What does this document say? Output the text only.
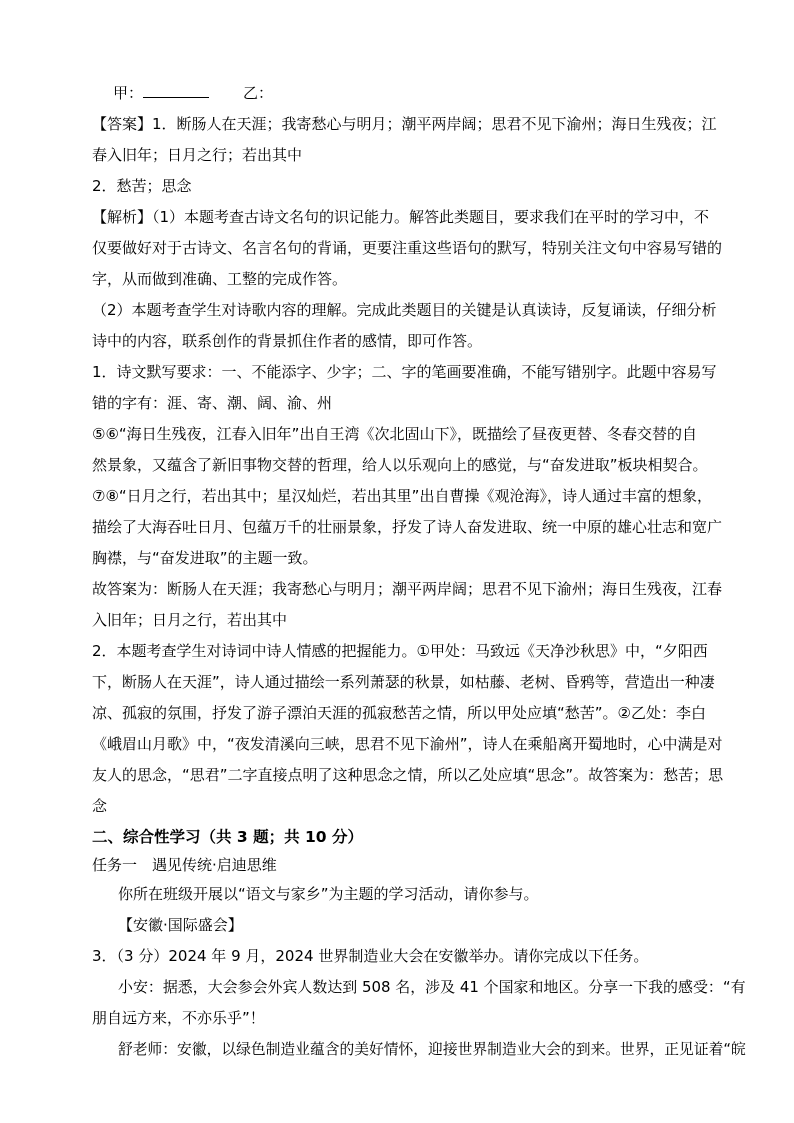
甲：	乙：
【答案】1．断肠人在天涯；我寄愁心与明月；潮平两岸阔；思君不见下渝州；海日生残夜；江
春入旧年；日月之行；若出其中
2．愁苦；思念
【解析】（1）本题考查古诗文名句的识记能力。解答此类题目，要求我们在平时的学习中，不
仅要做好对于古诗文、名言名句的背诵，更要注重这些语句的默写，特别关注文句中容易写错的
字，从而做到准确、工整的完成作答。
（2）本题考查学生对诗歌内容的理解。完成此类题目的关键是认真读诗，反复诵读，仔细分析
诗中的内容，联系创作的背景抓住作者的感情，即可作答。
1．诗文默写要求：一、不能添字、少字；二、字的笔画要准确，不能写错别字。此题中容易写
错的字有：涯、寄、潮、阔、渝、州
⑤⑥“海日生残夜，江春入旧年”出自王湾《次北固山下》，既描绘了昼夜更替、冬春交替的自
然景象，又蕴含了新旧事物交替的哲理，给人以乐观向上的感觉，与“奋发进取”板块相契合。
⑦⑧“日月之行，若出其中；星汉灿烂，若出其里”出自曹操《观沧海》，诗人通过丰富的想象，
描绘了大海吞吐日月、包蕴万千的壮丽景象，抒发了诗人奋发进取、统一中原的雄心壮志和宽广
胸襟，与“奋发进取”的主题一致。
故答案为：断肠人在天涯；我寄愁心与明月；潮平两岸阔；思君不见下渝州；海日生残夜，江春
入旧年；日月之行，若出其中
2．本题考查学生对诗词中诗人情感的把握能力。①甲处：马致远《天净沙秋思》中，“夕阳西
下，断肠人在天涯”，诗人通过描绘一系列萧瑟的秋景，如枯藤、老树、昏鸦等，营造出一种凄
凉、孤寂的氛围，抒发了游子漂泊天涯的孤寂愁苦之情，所以甲处应填“愁苦”。②乙处：李白
《峨眉山月歌》中，“夜发清溪向三峡，思君不见下渝州”，诗人在乘船离开蜀地时，心中满是对
友人的思念，“思君”二字直接点明了这种思念之情，所以乙处应填“思念”。故答案为：愁苦；思
念
二、综合性学习（共 3 题；共 10 分）
任务一　遇见传统·启迪思维
你所在班级开展以“语文与家乡”为主题的学习活动，请你参与。
【安徽·国际盛会】
3．（3 分）2024 年 9 月，2024 世界制造业大会在安徽举办。请你完成以下任务。
小安：据悉，大会参会外宾人数达到 508 名，涉及 41 个国家和地区。分享一下我的感受：“有
朋自远方来，不亦乐乎”！
舒老师：安徽，以绿色制造业蕴含的美好情怀，迎接世界制造业大会的到来。世界，正见证着“皖
